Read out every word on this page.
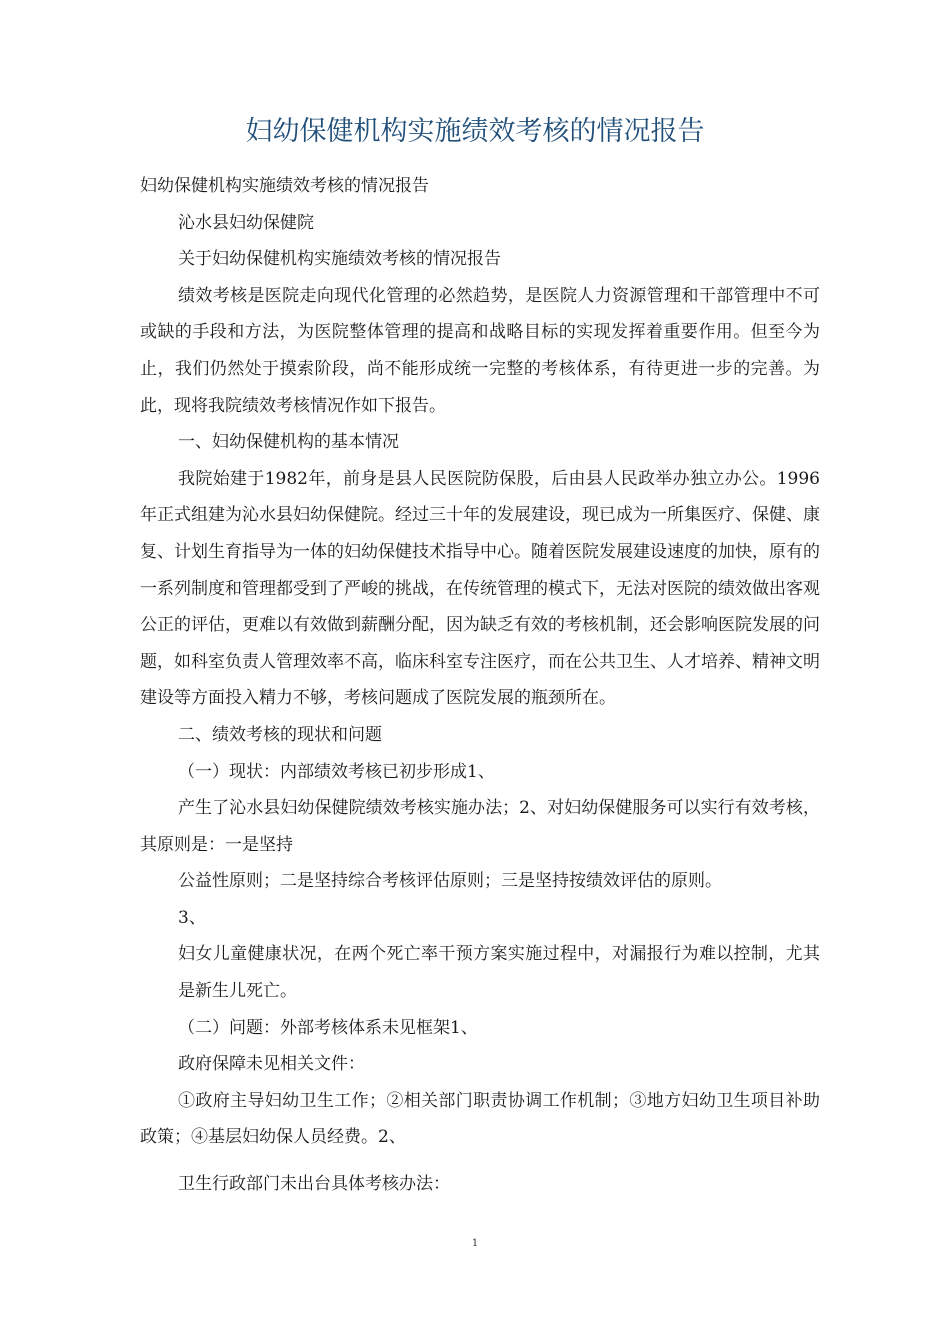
妇幼保健机构实施绩效考核的情况报告

妇幼保健机构实施绩效考核的情况报告

沁水县妇幼保健院

关于妇幼保健机构实施绩效考核的情况报告

绩效考核是医院走向现代化管理的必然趋势，是医院人力资源管理和干部管理中不可或缺的手段和方法，为医院整体管理的提高和战略目标的实现发挥着重要作用。但至今为止，我们仍然处于摸索阶段，尚不能形成统一完整的考核体系，有待更进一步的完善。为此，现将我院绩效考核情况作如下报告。

一、妇幼保健机构的基本情况

我院始建于1982年，前身是县人民医院防保股，后由县人民政举办独立办公。1996年正式组建为沁水县妇幼保健院。经过三十年的发展建设，现已成为一所集医疗、保健、康复、计划生育指导为一体的妇幼保健技术指导中心。随着医院发展建设速度的加快，原有的一系列制度和管理都受到了严峻的挑战，在传统管理的模式下，无法对医院的绩效做出客观公正的评估，更难以有效做到薪酬分配，因为缺乏有效的考核机制，还会影响医院发展的问题，如科室负责人管理效率不高，临床科室专注医疗，而在公共卫生、人才培养、精神文明建设等方面投入精力不够，考核问题成了医院发展的瓶颈所在。

二、绩效考核的现状和问题

（一）现状：内部绩效考核已初步形成1、

产生了沁水县妇幼保健院绩效考核实施办法；2、对妇幼保健服务可以实行有效考核，其原则是：一是坚持

公益性原则；二是坚持综合考核评估原则；三是坚持按绩效评估的原则。

3、

妇女儿童健康状况，在两个死亡率干预方案实施过程中，对漏报行为难以控制，尤其是新生儿死亡。

（二）问题：外部考核体系未见框架1、

政府保障未见相关文件：

①政府主导妇幼卫生工作；②相关部门职责协调工作机制；③地方妇幼卫生项目补助政策；④基层妇幼保人员经费。2、

卫生行政部门未出台具体考核办法：

1
